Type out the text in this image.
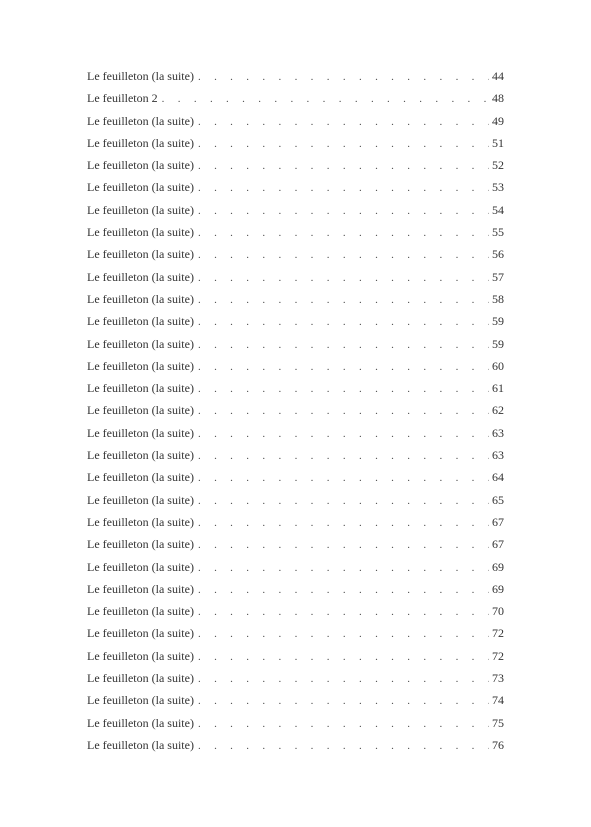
Le feuilleton (la suite) . . .	44
Le feuilleton 2 . . .	48
Le feuilleton (la suite) . . .	49
Le feuilleton (la suite) . . .	51
Le feuilleton (la suite) . . .	52
Le feuilleton (la suite) . . .	53
Le feuilleton (la suite) . . .	54
Le feuilleton (la suite) . . .	55
Le feuilleton (la suite) . . .	56
Le feuilleton (la suite) . . .	57
Le feuilleton (la suite) . . .	58
Le feuilleton (la suite) . . .	59
Le feuilleton (la suite) . . .	59
Le feuilleton (la suite) . . .	60
Le feuilleton (la suite) . . .	61
Le feuilleton (la suite) . . .	62
Le feuilleton (la suite) . . .	63
Le feuilleton (la suite) . . .	63
Le feuilleton (la suite) . . .	64
Le feuilleton (la suite) . . .	65
Le feuilleton (la suite) . . .	67
Le feuilleton (la suite) . . .	67
Le feuilleton (la suite) . . .	69
Le feuilleton (la suite) . . .	69
Le feuilleton (la suite) . . .	70
Le feuilleton (la suite) . . .	72
Le feuilleton (la suite) . . .	72
Le feuilleton (la suite) . . .	73
Le feuilleton (la suite) . . .	74
Le feuilleton (la suite) . . .	75
Le feuilleton (la suite) . . .	76
